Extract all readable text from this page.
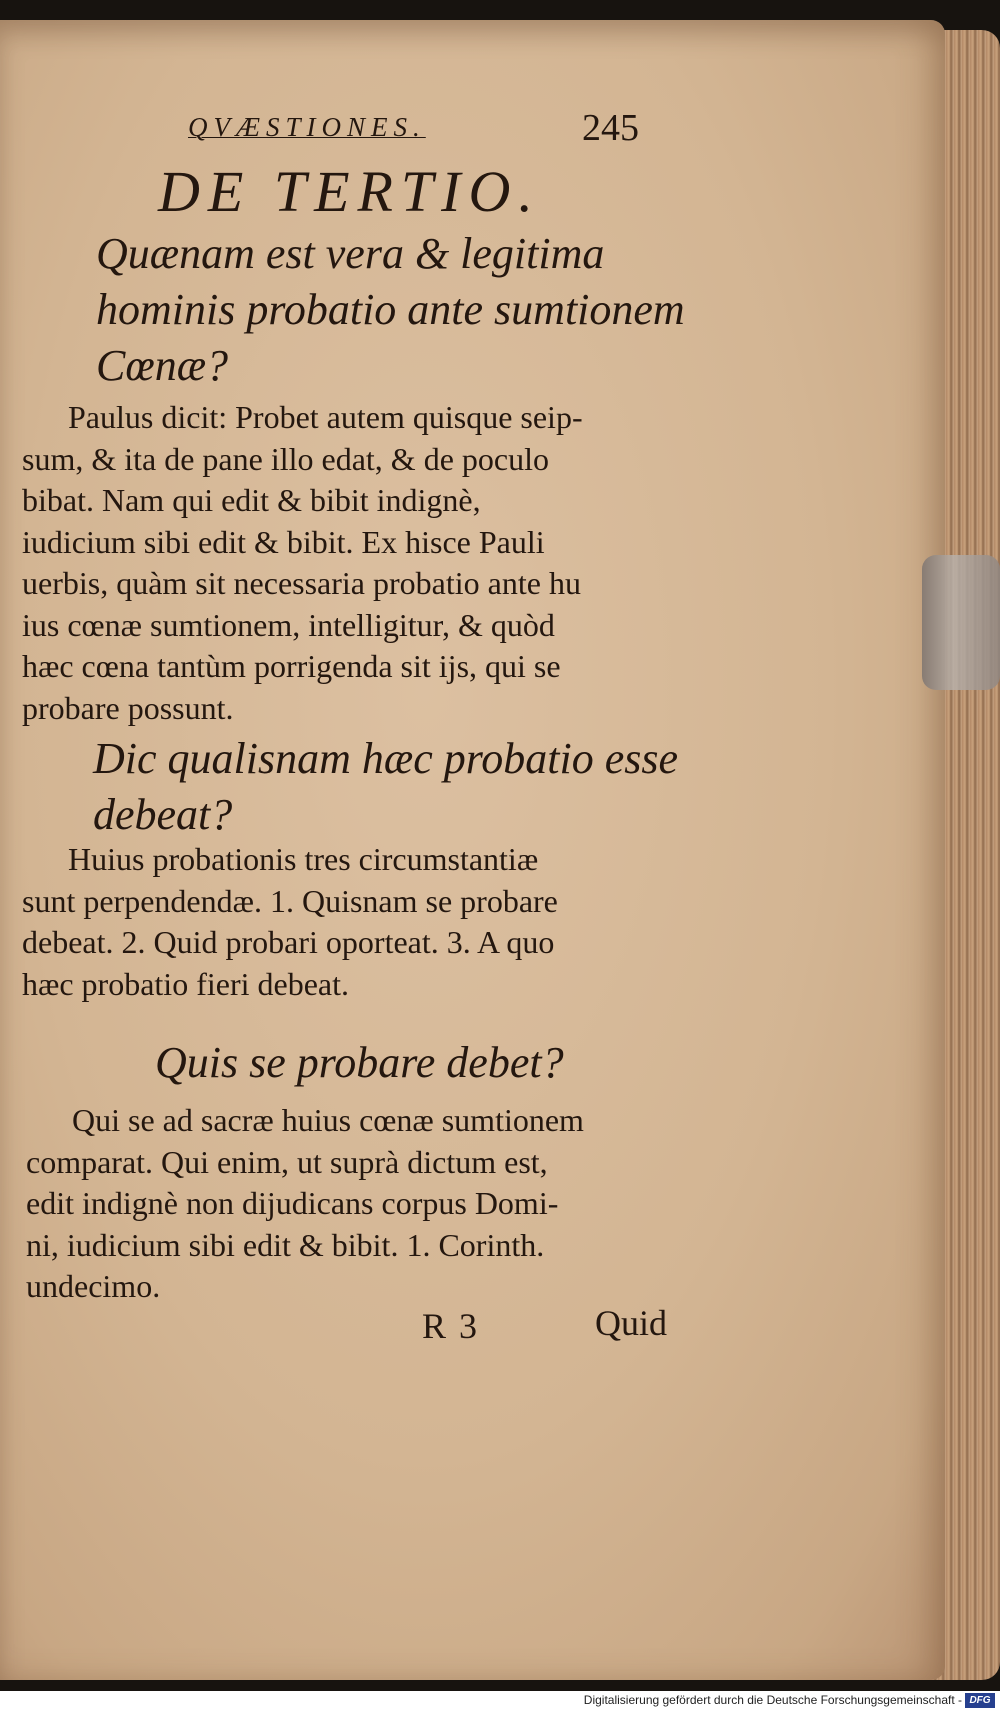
QVÆSTIONES.	245
DE TERTIO.
Quænam est vera & legitima
hominis probatio ante sumtionem
Cœnæ?
Paulus dicit: Probet autem quisque seip-
sum, & ita de pane illo edat, & de poculo
bibat. Nam qui edit & bibit indignè,
iudicium sibi edit & bibit. Ex hisce Pauli
uerbis, quàm sit necessaria probatio ante hu
ius cœnæ sumtionem, intelligitur, & quòd
hæc cœna tantùm porrigenda sit ijs, qui se
probare possunt.
Dic qualisnam hæc probatio esse
debeat?
Huius probationis tres circumstantiæ
sunt perpendendæ. 1. Quisnam se probare
debeat. 2. Quid probari oporteat. 3. A quo
hæc probatio fieri debeat.
Quis se probare debet?
Qui se ad sacræ huius cœnæ sumtionem
comparat. Qui enim, ut suprà dictum est,
edit indignè non dijudicans corpus Domi-
ni, iudicium sibi edit & bibit. 1. Corinth.
undecimo.
R 3	Quid
Digitalisierung gefördert durch die Deutsche Forschungsgemeinschaft - DFG
